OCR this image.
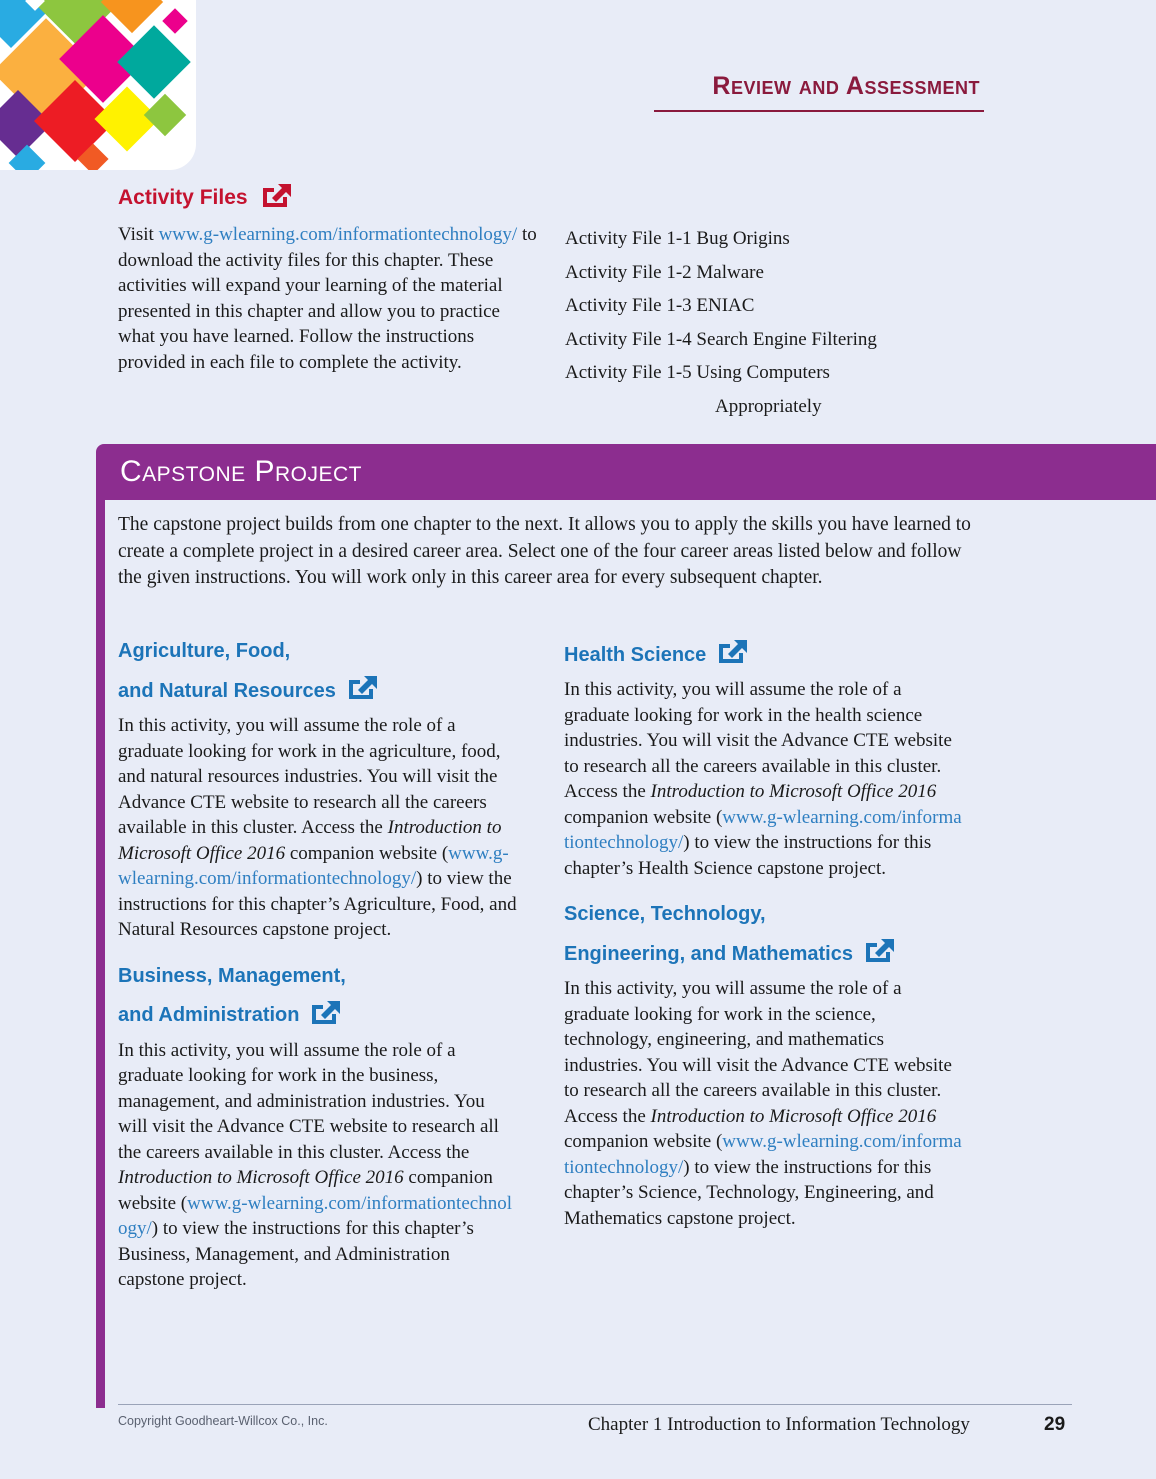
Review and Assessment
Activity Files
Visit www.g-wlearning.com/informationtechnology/ to download the activity files for this chapter. These activities will expand your learning of the material presented in this chapter and allow you to practice what you have learned. Follow the instructions provided in each file to complete the activity.
Activity File 1-1 Bug Origins
Activity File 1-2 Malware
Activity File 1-3 ENIAC
Activity File 1-4 Search Engine Filtering
Activity File 1-5 Using Computers
Appropriately
Capstone Project
The capstone project builds from one chapter to the next. It allows you to apply the skills you have learned to create a complete project in a desired career area. Select one of the four career areas listed below and follow the given instructions. You will work only in this career area for every subsequent chapter.
Agriculture, Food,
and Natural Resources

In this activity, you will assume the role of a graduate looking for work in the agriculture, food, and natural resources industries. You will visit the Advance CTE website to research all the careers available in this cluster. Access the Introduction to Microsoft Office 2016 companion website (www.g-wlearning.com/informationtechnology/) to view the instructions for this chapter’s Agriculture, Food, and Natural Resources capstone project.

Business, Management,
and Administration

In this activity, you will assume the role of a graduate looking for work in the business, management, and administration industries. You will visit the Advance CTE website to research all the careers available in this cluster. Access the Introduction to Microsoft Office 2016 companion website (www.g-wlearning.com/informationtechnology/) to view the instructions for this chapter’s Business, Management, and Administration capstone project.

Health Science

In this activity, you will assume the role of a graduate looking for work in the health science industries. You will visit the Advance CTE website to research all the careers available in this cluster. Access the Introduction to Microsoft Office 2016 companion website (www.g-wlearning.com/informationtechnology/) to view the instructions for this chapter’s Health Science capstone project.

Science, Technology,
Engineering, and Mathematics

In this activity, you will assume the role of a graduate looking for work in the science, technology, engineering, and mathematics industries. You will visit the Advance CTE website to research all the careers available in this cluster. Access the Introduction to Microsoft Office 2016 companion website (www.g-wlearning.com/informationtechnology/) to view the instructions for this chapter’s Science, Technology, Engineering, and Mathematics capstone project.

Copyright Goodheart-Willcox Co., Inc.	Chapter 1 Introduction to Information Technology	29
